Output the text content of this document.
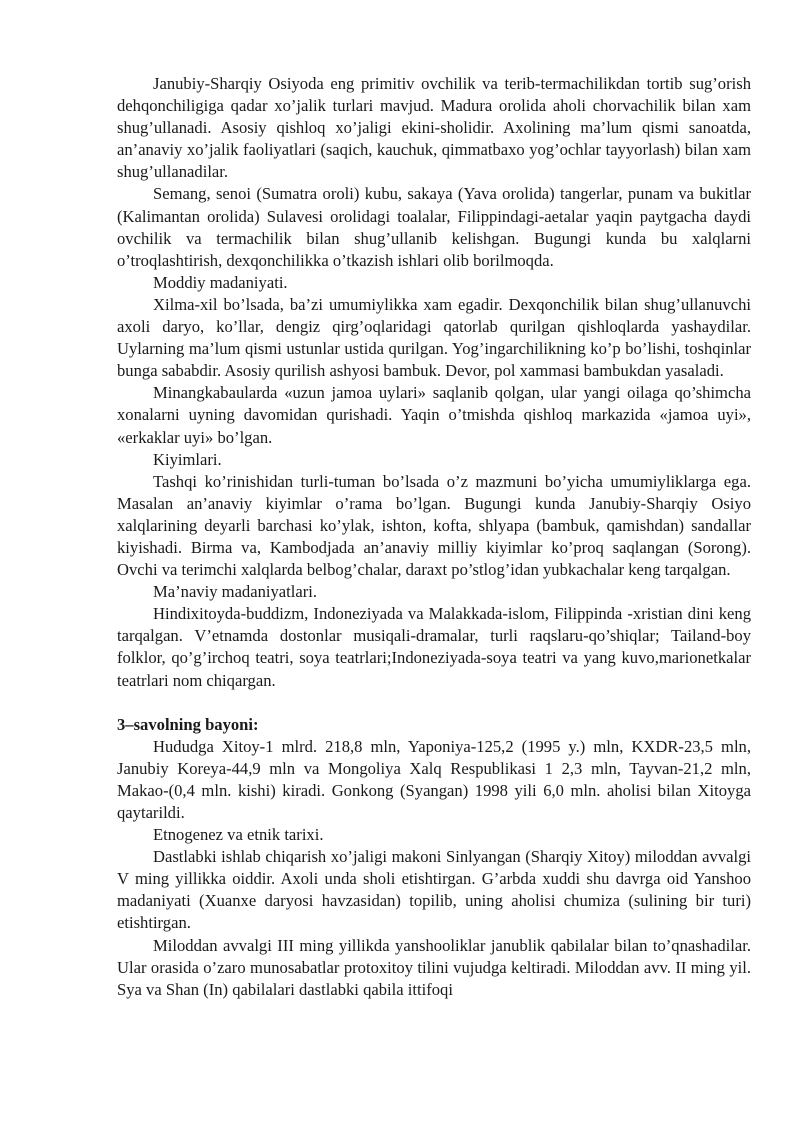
Janubiy-Sharqiy Osiyoda eng primitiv ovchilik va terib-termachilikdan tortib sug’orish dehqonchiligiga qadar xo’jalik turlari mavjud. Madura orolida aholi chorvachilik bilan xam shug’ullanadi. Asosiy qishloq xo’jaligi ekini-sholidir. Axolining ma’lum qismi sanoatda, an’anaviy xo’jalik faoliyatlari (saqich, kauchuk, qimmatbaxo yog’ochlar tayyorlash) bilan xam shug’ullanadilar.

Semang, senoi (Sumatra oroli) kubu, sakaya (Yava orolida) tangerlar, punam va bukitlar (Kalimantan orolida) Sulavesi orolidagi toalalar, Filippindagi-aetalar yaqin paytgacha daydi ovchilik va termachilik bilan shug’ullanib kelishgan. Bugungi kunda bu xalqlarni o’troqlashtirish, dexqonchilikka o’tkazish ishlari olib borilmoqda.

Moddiy madaniyati.

Xilma-xil bo’lsada, ba’zi umumiylikka xam egadir. Dexqonchilik bilan shug’ullanuvchi axoli daryo, ko’llar, dengiz qirg’oqlaridagi qatorlab qurilgan qishloqlarda yashaydilar. Uylarning ma’lum qismi ustunlar ustida qurilgan. Yog’ingarchilikning ko’p bo’lishi, toshqinlar bunga sababdir. Asosiy qurilish ashyosi bambuk. Devor, pol xammasi bambukdan yasaladi.

Minangkabaularda «uzun jamoa uylari» saqlanib qolgan, ular yangi oilaga qo’shimcha xonalarni uyning davomidan qurishadi. Yaqin o’tmishda qishloq markazida «jamoa uyi», «erkaklar uyi» bo’lgan.

Kiyimlari.

Tashqi ko’rinishidan turli-tuman bo’lsada o’z mazmuni bo’yicha umumiyliklarga ega. Masalan an’anaviy kiyimlar o’rama bo’lgan. Bugungi kunda Janubiy-Sharqiy Osiyo xalqlarining deyarli barchasi ko’ylak, ishton, kofta, shlyapa (bambuk, qamishdan) sandallar kiyishadi. Birma va, Kambodjada an’anaviy milliy kiyimlar ko’proq saqlangan (Sorong). Ovchi va terimchi xalqlarda belbog’chalar, daraxt po’stlog’idan yubkachalar keng tarqalgan.

Ma’naviy madaniyatlari.

Hindixitoyda-buddizm, Indoneziyada va Malakkada-islom, Filippinda -xristian dini keng tarqalgan. V’etnamda dostonlar musiqali-dramalar, turli raqslaru-qo’shiqlar; Tailand-boy folklor, qo’g’irchoq teatri, soya teatrlari;Indoneziyada-soya teatri va yang kuvo,marionetkalar teatrlari nom chiqargan.

3–savolning bayoni:

Hududga Xitoy-1 mlrd. 218,8 mln, Yaponiya-125,2 (1995 y.) mln, KXDR-23,5 mln, Janubiy Koreya-44,9 mln va Mongoliya Xalq Respublikasi 1 2,3 mln, Tayvan-21,2 mln, Makao-(0,4 mln. kishi) kiradi. Gonkong (Syangan) 1998 yili 6,0 mln. aholisi bilan Xitoyga qaytarildi.

Etnogenez va etnik tarixi.

Dastlabki ishlab chiqarish xo’jaligi makoni Sinlyangan (Sharqiy Xitoy) miloddan avvalgi V ming yillikka oiddir. Axoli unda sholi etishtirgan. G’arbda xuddi shu davrga oid Yanshoo madaniyati (Xuanxe daryosi havzasidan) topilib, uning aholisi chumiza (sulining bir turi) etishtirgan.

Miloddan avvalgi III ming yillikda yanshoolіklar janublik qabilalar bilan to’qnashadilar. Ular orasida o’zaro munosabatlar protoxitoy tilini vujudga keltiradi. Miloddan avv. II ming yil. Sya va Shan (In) qabilalari dastlabki qabila ittifoqi
